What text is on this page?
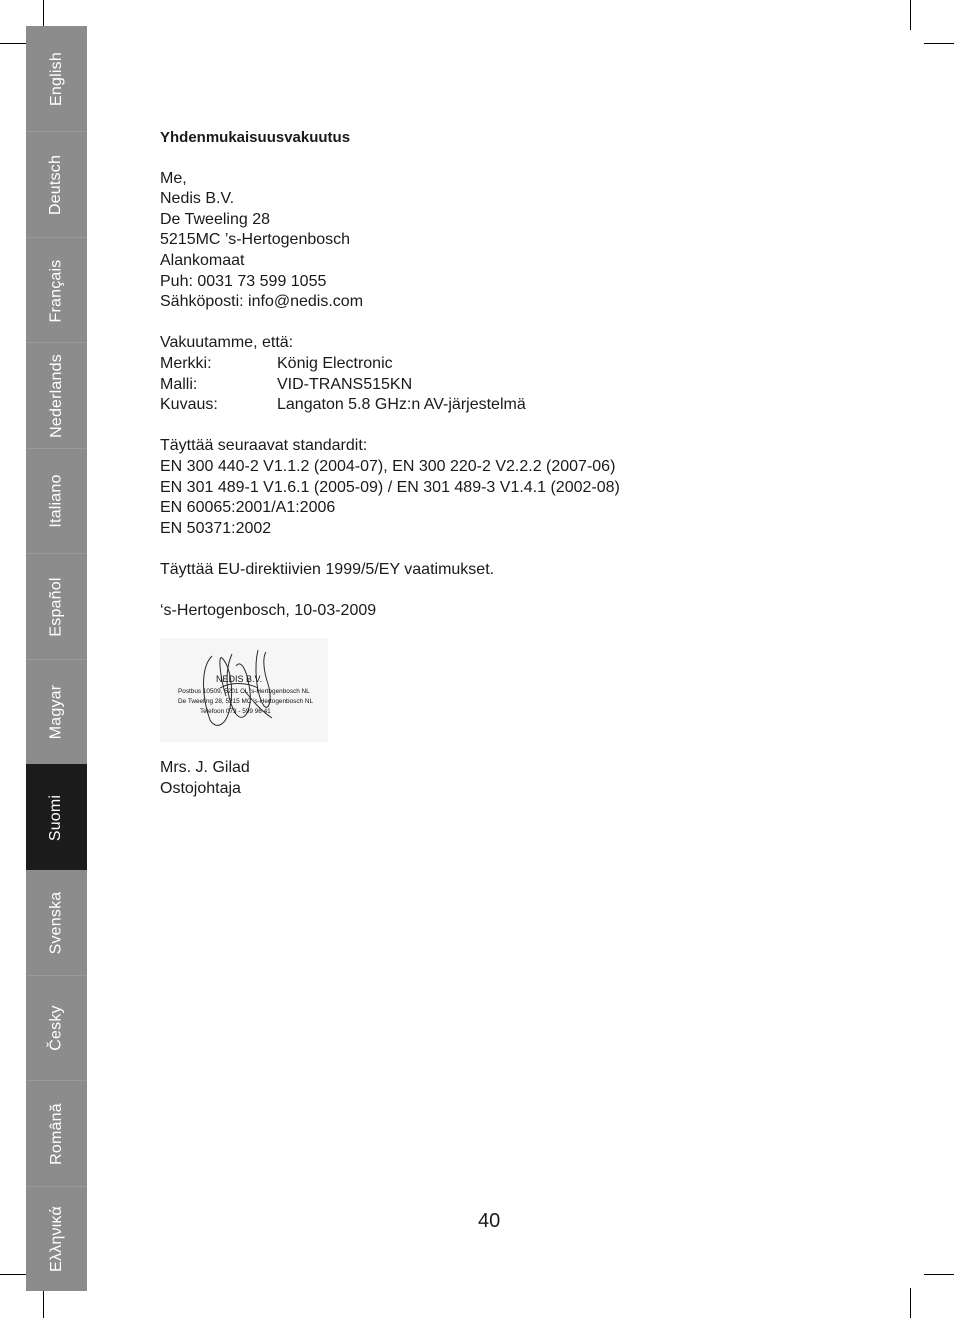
English
Deutsch
Français
Nederlands
Italiano
Español
Magyar
Suomi
Svenska
Česky
Română
Ελληνικά
Yhdenmukaisuusvakuutus
Me,
Nedis B.V.
De Tweeling 28
5215MC ’s-Hertogenbosch
Alankomaat
Puh: 0031 73 599 1055
Sähköposti: info@nedis.com
Vakuutamme, että:
Merkki:	König Electronic
Malli:	VID-TRANS515KN
Kuvaus:	Langaton 5.8 GHz:n AV-järjestelmä
Täyttää seuraavat standardit:
EN 300 440-2 V1.1.2 (2004-07), EN 300 220-2 V2.2.2 (2007-06)
EN 301 489-1 V1.6.1 (2005-09) / EN 301 489-3 V1.4.1 (2002-08)
EN 60065:2001/A1:2006
EN 50371:2002
Täyttää EU-direktiivien 1999/5/EY vaatimukset.
‘s-Hertogenbosch, 10-03-2009
NEDIS B.V.
Postbus 10509, 5201 CL 's-Hertogenbosch NL
De Tweeling 28, 5215 MC 's-Hertogenbosch NL
Telefoon 073 - 599 96 41
Mrs. J. Gilad
Ostojohtaja
40
